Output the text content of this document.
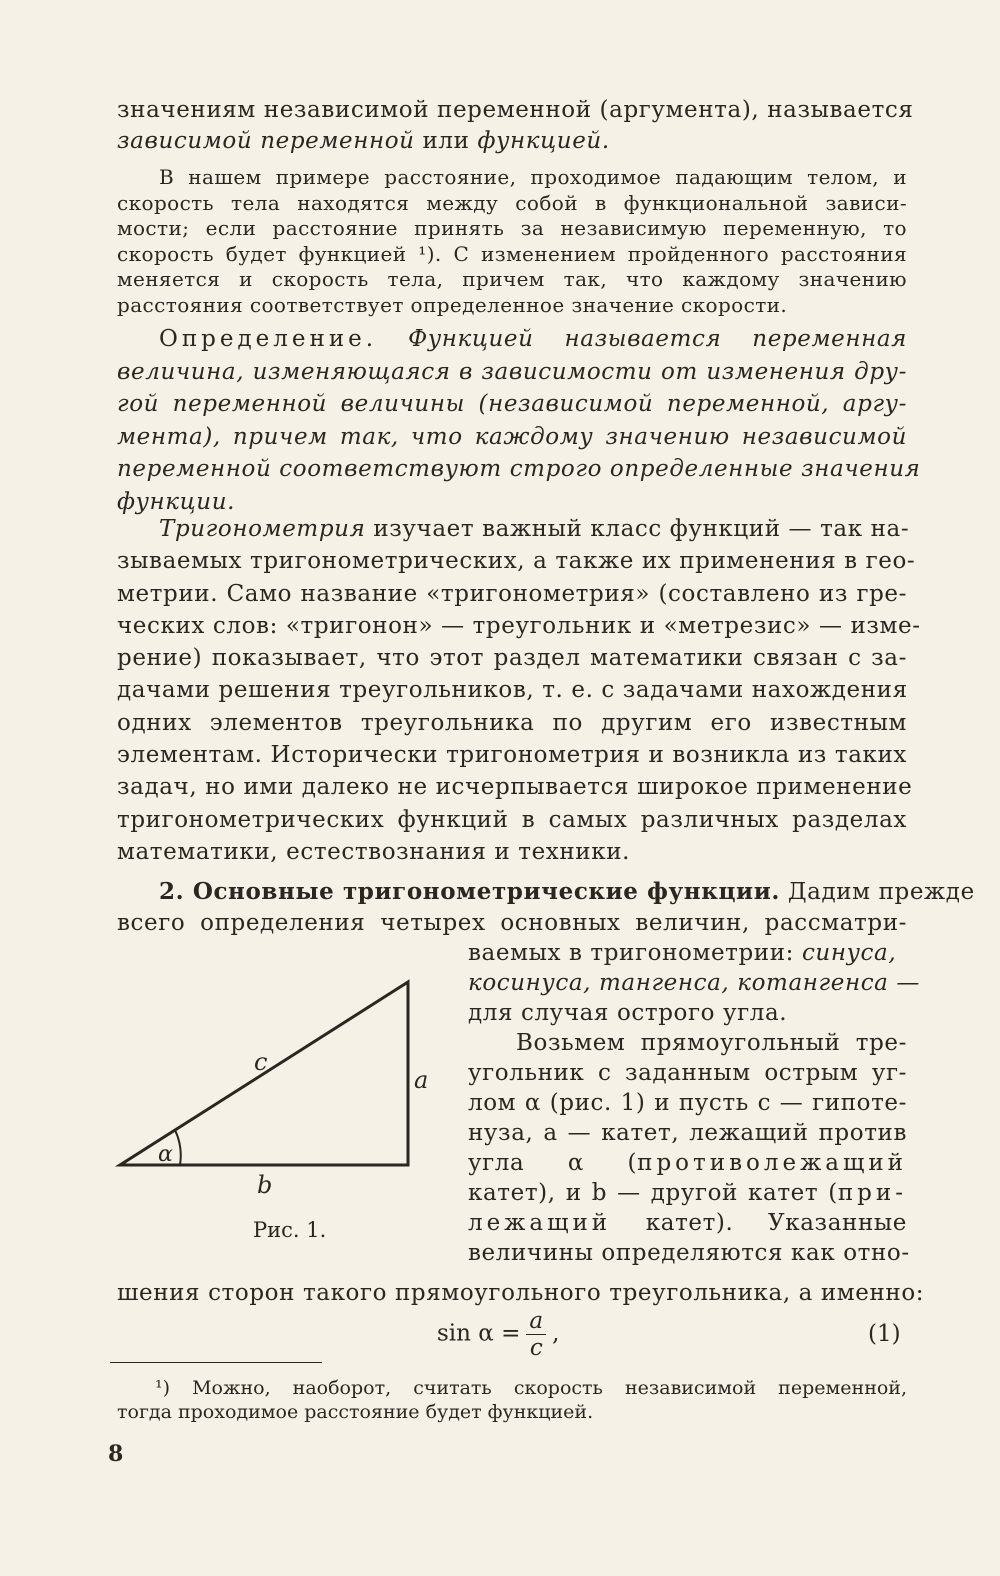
значениям независимой переменной (аргумента), называется
зависимой переменной или функцией.
В нашем примере расстояние, проходимое падающим телом, и
скорость тела находятся между собой в функциональной зависи-
мости; если расстояние принять за независимую переменную, то
скорость будет функцией ¹). С изменением пройденного расстояния
меняется и скорость тела, причем так, что каждому значению
расстояния соответствует определенное значение скорости.
Определение. Функцией называется переменная
величина, изменяющаяся в зависимости от изменения дру-
гой переменной величины (независимой переменной, аргу-
мента), причем так, что каждому значению независимой
переменной соответствуют строго определенные значения
функции.
Тригонометрия изучает важный класс функций — так на-
зываемых тригонометрических, а также их применения в гео-
метрии. Само название «тригонометрия» (составлено из гре-
ческих слов: «тригонон» — треугольник и «метрезис» — изме-
рение) показывает, что этот раздел математики связан с за-
дачами решения треугольников, т. е. с задачами нахождения
одних элементов треугольника по другим его известным
элементам. Исторически тригонометрия и возникла из таких
задач, но ими далеко не исчерпывается широкое применение
тригонометрических функций в самых различных разделах
математики, естествознания и техники.
2. Основные тригонометрические функции. Дадим прежде
всего определения четырех основных величин, рассматри-
ваемых в тригонометрии: синуса,
косинуса, тангенса, котангенса —
для случая острого угла.
Возьмем прямоугольный тре-
угольник с заданным острым уг-
лом α (рис. 1) и пусть c — гипоте-
нуза, a — катет, лежащий против
угла α (противолежащий
катет), и b — другой катет (при-
лежащий катет). Указанные
величины определяются как отно-
шения сторон такого прямоугольного треугольника, а именно:
c
a
b
α
Рис. 1.
$\sin \alpha = \frac{a}{c}$ ,	(1)
¹) Можно, наоборот, считать скорость независимой переменной,
тогда проходимое расстояние будет функцией.
8
